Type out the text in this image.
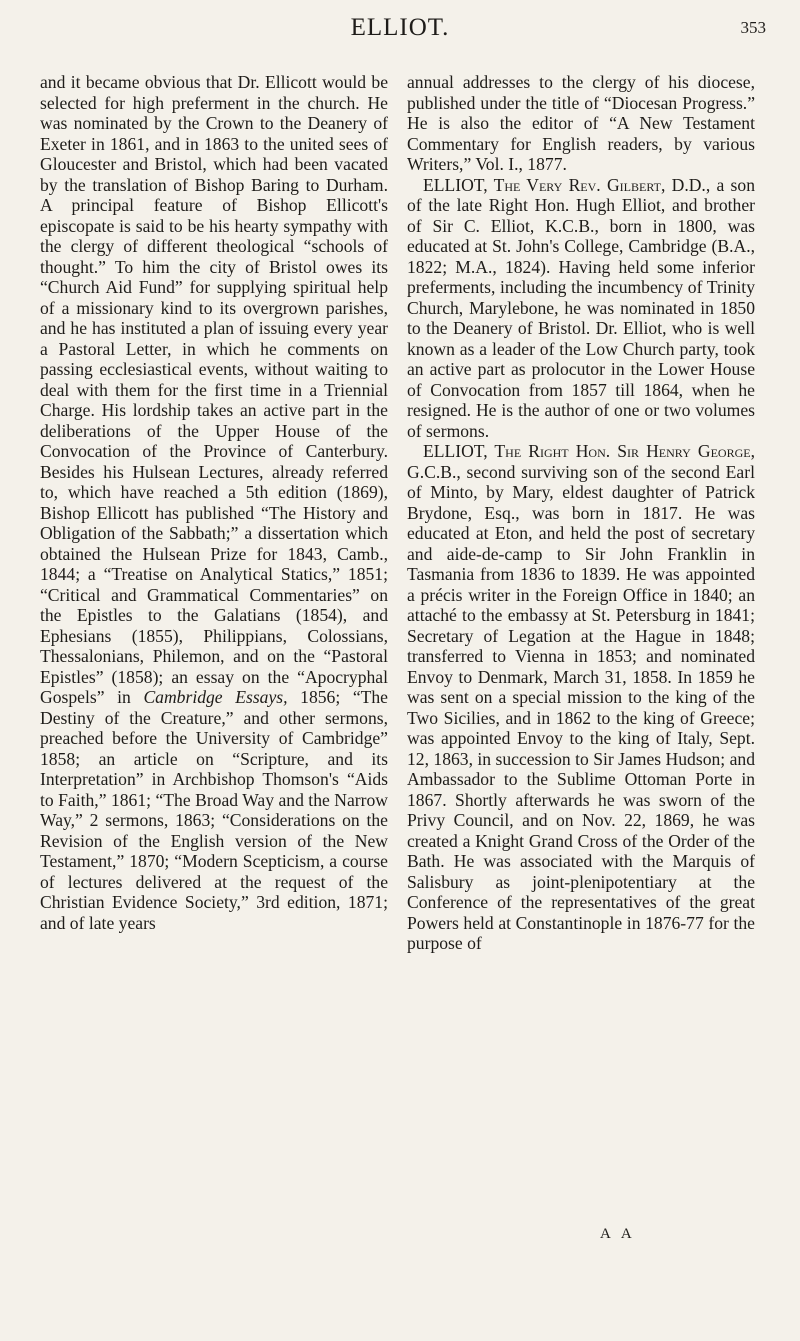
ELLIOT.	353

and it became obvious that Dr. Ellicott would be selected for high preferment in the church. He was nominated by the Crown to the Deanery of Exeter in 1861, and in 1863 to the united sees of Gloucester and Bristol, which had been vacated by the translation of Bishop Baring to Durham. A principal feature of Bishop Ellicott's episcopate is said to be his hearty sympathy with the clergy of different theological “schools of thought.” To him the city of Bristol owes its “Church Aid Fund” for supplying spiritual help of a missionary kind to its overgrown parishes, and he has instituted a plan of issuing every year a Pastoral Letter, in which he comments on passing ecclesiastical events, without waiting to deal with them for the first time in a Triennial Charge. His lordship takes an active part in the deliberations of the Upper House of the Convocation of the Province of Canterbury. Besides his Hulsean Lectures, already referred to, which have reached a 5th edition (1869), Bishop Ellicott has published “The History and Obligation of the Sabbath;” a dissertation which obtained the Hulsean Prize for 1843, Camb., 1844; a “Treatise on Analytical Statics,” 1851; “Critical and Grammatical Commentaries” on the Epistles to the Galatians (1854), and Ephesians (1855), Philippians, Colossians, Thessalonians, Philemon, and on the “Pastoral Epistles” (1858); an essay on the “Apocryphal Gospels” in Cambridge Essays, 1856; “The Destiny of the Creature,” and other sermons, preached before the University of Cambridge” 1858; an article on “Scripture, and its Interpretation” in Archbishop Thomson's “Aids to Faith,” 1861; “The Broad Way and the Narrow Way,” 2 sermons, 1863; “Considerations on the Revision of the English version of the New Testament,” 1870; “Modern Scepticism, a course of lectures delivered at the request of the Christian Evidence Society,” 3rd edition, 1871; and of late years

annual addresses to the clergy of his diocese, published under the title of “Diocesan Progress.” He is also the editor of “A New Testament Commentary for English readers, by various Writers,” Vol. I., 1877.

ELLIOT, The Very Rev. Gilbert, D.D., a son of the late Right Hon. Hugh Elliot, and brother of Sir C. Elliot, K.C.B., born in 1800, was educated at St. John's College, Cambridge (B.A., 1822; M.A., 1824). Having held some inferior preferments, including the incumbency of Trinity Church, Marylebone, he was nominated in 1850 to the Deanery of Bristol. Dr. Elliot, who is well known as a leader of the Low Church party, took an active part as prolocutor in the Lower House of Convocation from 1857 till 1864, when he resigned. He is the author of one or two volumes of sermons.

ELLIOT, The Right Hon. Sir Henry George, G.C.B., second surviving son of the second Earl of Minto, by Mary, eldest daughter of Patrick Brydone, Esq., was born in 1817. He was educated at Eton, and held the post of secretary and aide-de-camp to Sir John Franklin in Tasmania from 1836 to 1839. He was appointed a précis writer in the Foreign Office in 1840; an attaché to the embassy at St. Petersburg in 1841; Secretary of Legation at the Hague in 1848; transferred to Vienna in 1853; and nominated Envoy to Denmark, March 31, 1858. In 1859 he was sent on a special mission to the king of the Two Sicilies, and in 1862 to the king of Greece; was appointed Envoy to the king of Italy, Sept. 12, 1863, in succession to Sir James Hudson; and Ambassador to the Sublime Ottoman Porte in 1867. Shortly afterwards he was sworn of the Privy Council, and on Nov. 22, 1869, he was created a Knight Grand Cross of the Order of the Bath. He was associated with the Marquis of Salisbury as joint-plenipotentiary at the Conference of the representatives of the great Powers held at Constantinople in 1876-77 for the purpose of

A A
